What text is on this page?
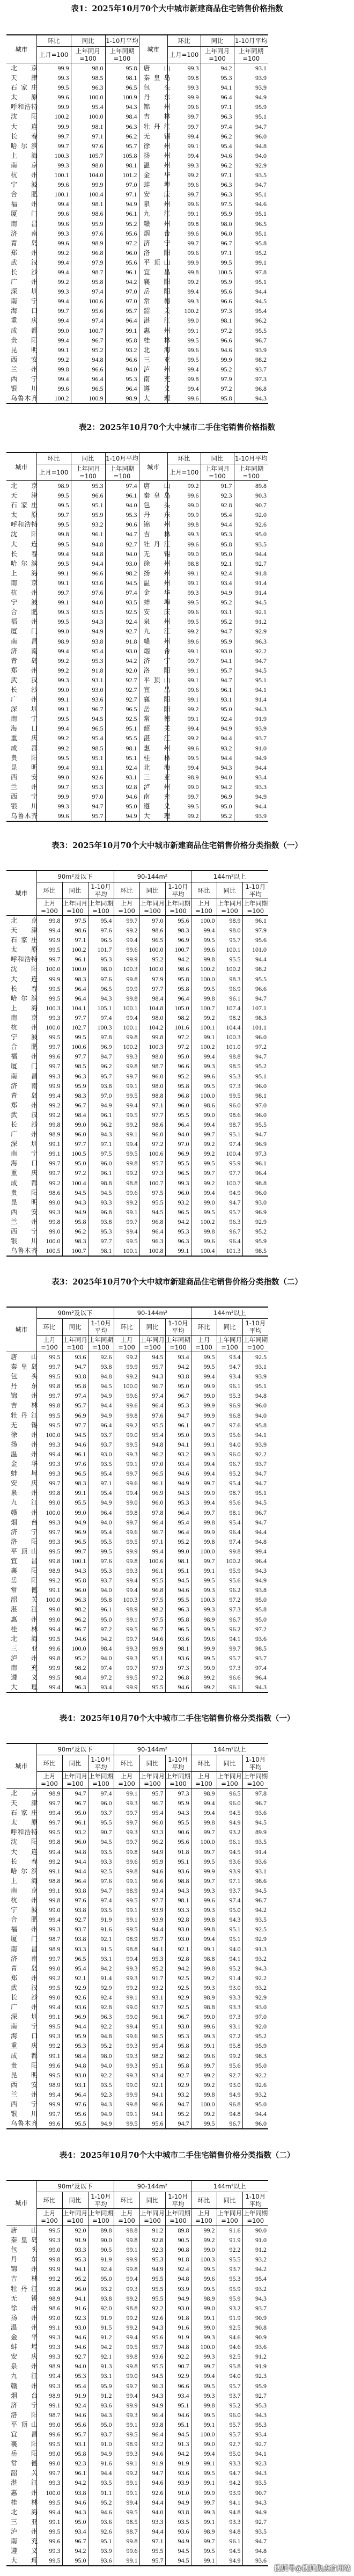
表1：2025年10月70个大中城市新建商品住宅销售价格指数
城市	环比	同比	1-10月平均	城市	环比	同比	1-10月平均
	上月=100	上年同月
=100	上年同期
=100		上月=100	上年同月
=100	上年同期
=100

北 京	99.9	98.0	95.8	唐 山	99.3	94.2	93.1

天 津	99.3	98.5	98.1	秦 皇 岛	99.8	95.3	93.9

石 家 庄	99.5	96.3	96.5	包 头	99.3	94.1	93.9

太 原	99.6	100.0	100.9	丹 东	99.9	96.4	94.9

呼 和 浩 特	99.9	95.4	94.3	锦 州	99.6	97.1	95.9

沈 阳	100.2	100.0	98.4	吉 林	99.7	96.3	95.1

大 连	99.9	98.1	96.3	牡 丹 江	99.7	97.4	94.7

长 春	99.7	97.1	96.2	无 锡	99.4	96.2	96.0

哈 尔 滨	99.7	97.6	95.7	徐 州	99.1	95.4	94.8

上 海	100.3	105.7	105.8	扬 州	99.4	94.6	94.0

南 京	99.3	98.0	98.1	温 州	99.3	96.2	92.9

杭 州	100.1	104.0	101.2	金 华	99.2	97.1	93.5

宁 波	99.6	99.9	97.0	蚌 埠	99.6	96.3	94.7

合 肥	100.1	100.4	97.1	安 庆	99.7	96.3	95.1

福 州	99.4	98.1	94.9	泉 州	99.6	97.5	94.6

厦 门	99.6	98.6	96.1	九 江	99.1	95.9	95.1

南 昌	99.6	95.9	95.2	赣 州	99.8	98.0	96.5

济 南	99.3	97.6	95.6	烟 台	99.6	96.0	95.1

青 岛	99.6	98.9	97.2	济 宁	99.7	96.7	95.8

郑 州	99.2	96.8	96.0	洛 阳	99.6	97.1	95.2

武 汉	99.4	97.9	95.6	平 顶 山	99.9	99.5	99.1

长 沙	99.4	98.7	96.1	宜 昌	99.8	100.5	97.8

广 州	99.2	95.8	94.2	襄 阳	99.2	95.9	95.1

深 圳	99.3	97.4	97.0	岳 阳	99.4	95.6	94.4

南 宁	99.4	100.6	97.0	常 德	99.3	96.6	94.5

海 口	99.7	95.6	95.7	韶 关	100.2	97.3	95.4

重 庆	99.4	97.4	96.4	湛 江	99.0	98.1	96.2

成 都	99.0	100.7	99.1	惠 州	99.1	97.2	95.5

贵 阳	99.4	96.7	95.8	桂 林	99.5	96.6	96.7

昆 明	99.1	95.2	93.2	北 海	99.6	94.6	93.9

西 安	99.2	94.8	96.6	三 亚	99.5	99.9	98.2

兰 州	99.8	96.6	94.0	泸 州	99.4	95.2	93.7

西 宁	99.4	96.4	95.3	南 充	99.8	97.9	97.3

银 川	99.6	96.5	96.4	遵 义	99.4	97.2	96.8

乌 鲁 木 齐	100.2	100.9	98.9	大 理	99.6	95.8	94.3
表2：2025年10月70个大中城市二手住宅销售价格指数
城市	环比	同比	1-10月平均	城市	环比	同比	1-10月平均
	上月=100	上年同月
=100	上年同期
=100		上月=100	上年同月
=100	上年同期
=100

北 京	98.9	95.3	97.4	唐 山	99.2	91.7	89.8

天 津	99.5	96.6	96.1	秦 皇 岛	99.6	92.3	90.3

石 家 庄	99.5	95.1	94.0	包 头	99.0	92.8	90.7

太 原	99.7	95.9	95.3	丹 东	99.9	95.4	92.0

呼 和 浩 特	99.5	93.2	90.6	锦 州	99.8	94.4	92.6

沈 阳	99.8	96.1	94.7	吉 林	99.3	95.3	95.0

大 连	99.5	94.8	92.7	牡 丹 江	99.6	95.8	93.5

长 春	99.4	94.8	94.0	无 锡	99.0	95.0	94.4

哈 尔 滨	99.5	94.4	93.0	徐 州	98.8	92.1	92.7

上 海	99.1	96.6	98.2	扬 州	99.1	92.4	91.8

南 京	99.1	93.6	94.5	温 州	99.1	93.4	91.4

杭 州	99.7	97.6	97.4	金 华	99.3	94.9	91.4

宁 波	99.1	94.0	93.5	蚌 埠	99.5	95.2	94.5

合 肥	99.3	93.5	92.5	安 庆	99.6	93.1	92.1

福 州	99.5	94.3	92.4	泉 州	99.5	95.2	91.2

厦 门	99.0	94.9	92.7	九 江	99.2	94.7	92.9

南 昌	98.9	93.8	91.8	赣 州	99.6	95.9	96.3

济 南	99.4	95.4	93.0	烟 台	99.1	93.0	92.2

青 岛	99.2	95.3	94.2	济 宁	99.7	94.1	94.7

郑 州	99.2	91.8	92.0	洛 阳	99.1	95.7	94.5

武 汉	99.3	93.1	92.7	平 顶 山	99.1	94.7	95.1

长 沙	99.0	93.0	92.7	宜 昌	99.6	96.1	94.1

广 州	99.1	93.6	92.7	襄 阳	99.1	93.1	91.4

深 圳	99.1	96.7	96.5	岳 阳	99.2	95.0	94.3

南 宁	99.5	94.5	92.5	常 德	99.1	92.4	91.9

海 口	99.4	96.5	95.1	韶 关	99.4	94.9	93.9

重 庆	99.2	95.4	95.5	湛 江	99.2	94.4	93.7

成 都	99.2	98.5	98.1	惠 州	99.6	93.2	91.0

贵 阳	99.5	95.1	95.1	桂 林	99.5	94.4	94.9

昆 明	99.4	93.1	92.4	北 海	99.4	94.3	94.4

西 安	99.0	92.6	93.1	三 亚	98.9	94.0	93.4

兰 州	99.7	95.3	92.8	泸 州	99.0	94.2	93.3

西 宁	99.9	97.0	94.6	南 充	99.7	96.9	94.9

银 川	99.3	94.7	95.0	遵 义	99.5	95.0	94.4

乌 鲁 木 齐	99.6	95.7	94.9	大 理	99.2	95.2	93.9
表3：2025年10月70个大中城市新建商品住宅销售价格分类指数（一）
城市	90m²及以下			90-144m²			144m²以上		
	环比	同比	1-10月
平均	环比	同比	1-10月
平均	环比	同比	1-10月
平均
	上月=100	上年同月
=100	上年同期
=100	上月=100	上年同月
=100	上年同期
=100	上月=100	上年同月
=100	上年同期
=100

北 京	99.8	97.5	95.4	99.7	97.0	95.6	100.0	98.9	96.1

天 津	99.4	98.6	97.6	99.2	98.6	98.3	99.4	98.0	97.9

石 家 庄	99.9	97.1	96.5	99.4	96.5	96.9	99.5	95.7	95.6

太 原	99.5	100.2	101.7	99.6	100.0	100.7	99.6	100.1	101.0

呼 和 浩 特	99.7	96.1	95.3	99.9	95.2	94.2	99.8	95.5	94.4

沈 阳	100.0	100.0	98.0	100.3	100.0	98.6	100.2	100.2	98.2

大 连	99.9	98.3	97.6	99.8	97.9	95.8	100.0	98.3	95.5

长 春	99.5	96.4	96.5	99.9	97.7	95.8	99.5	96.9	96.6

哈 尔 滨	99.5	96.4	94.3	99.8	98.4	96.4	99.8	96.1	94.7

上 海	100.3	104.1	105.1	100.1	104.8	105.0	100.7	107.4	107.1

南 京	99.3	97.7	97.4	99.4	98.0	98.2	99.2	98.2	98.3

杭 州	100.0	102.7	100.3	100.1	104.2	101.6	100.1	104.4	101.1

宁 波	99.5	99.5	97.8	99.8	99.8	97.2	99.1	100.3	96.0

合 肥	99.7	100.6	96.9	100.2	100.3	97.2	100.2	101.0	97.2

福 州	99.6	97.7	94.7	99.3	98.0	95.0	99.4	98.8	94.7

厦 门	99.7	98.5	96.2	99.8	98.7	96.6	99.3	98.5	95.2

南 昌	99.3	96.3	95.7	99.7	96.0	95.2	99.6	95.3	95.1

济 南	99.9	95.9	93.8	99.1	98.0	95.8	99.5	97.3	96.0

青 岛	99.4	98.3	97.0	99.5	98.8	96.8	100.0	99.5	98.1

郑 州	99.2	96.7	94.9	99.4	97.1	96.0	98.6	96.0	97.0

武 汉	99.2	98.4	96.1	99.5	97.7	95.5	99.0	98.6	96.0

长 沙	99.8	99.0	96.2	99.2	98.6	96.4	99.4	98.7	95.5

广 州	98.9	96.0	94.3	99.1	96.0	94.0	99.7	95.1	94.7

深 圳	99.1	97.7	97.1	99.4	97.2	97.0	99.2	97.4	96.9

南 宁	99.1	100.5	97.5	99.5	100.6	96.9	99.2	100.4	97.3

海 口	99.7	95.0	96.0	99.8	95.7	95.5	99.5	95.9	96.1

重 庆	99.7	97.2	96.1	99.2	97.3	96.5	99.7	97.7	96.4

成 都	99.2	100.4	98.8	98.8	100.7	99.3	99.2	100.7	98.8

贵 阳	98.6	94.5	94.5	99.6	97.5	96.0	99.4	94.9	96.0

昆 明	99.0	94.3	93.3	99.2	95.5	93.2	99.0	94.7	93.0

西 安	99.3	94.9	96.8	99.1	94.5	96.5	99.5	95.7	96.9

兰 州	99.8	95.8	93.8	99.7	96.8	94.2	100.2	96.3	92.9

西 宁	99.0	96.2	95.3	99.4	96.4	95.3	99.8	96.7	95.2

银 川	100.0	98.3	97.7	99.5	96.3	96.3	99.6	96.4	95.9

乌 鲁 木 齐	100.5	100.7	98.1	100.1	100.8	99.1	100.4	101.3	98.5
表3：2025年10月70个大中城市新建商品住宅销售价格分类指数（二）
城市	90m²及以下			90-144m²			144m²以上		
	环比	同比	1-10月
平均	环比	同比	1-10月
平均	环比	同比	1-10月
平均
	上月=100	上年同月
=100	上年同期
=100	上月=100	上年同月
=100	上年同期
=100	上月=100	上年同月
=100	上年同期
=100

唐 山	99.5	93.6	92.6	99.2	94.5	93.4	99.5	93.4	92.5

秦 皇 岛	99.7	94.7	93.8	99.9	95.7	94.2	99.5	94.7	93.1

包 头	99.5	93.8	94.8	99.2	94.3	93.8	99.4	93.4	93.9

丹 东	99.8	95.8	94.5	100.0	96.7	95.0	99.9	96.1	95.1

锦 州	99.7	97.4	94.9	99.6	97.4	96.7	99.0	95.3	94.8

吉 林	99.8	95.7	94.4	99.6	96.4	95.3	99.9	96.9	96.0

牡 丹 江	99.5	96.9	94.9	99.8	97.6	94.7	99.9	96.8	94.0

无 锡	99.5	97.7	96.4	99.2	95.5	96.1	99.7	97.6	95.8

徐 州	100.0	94.5	93.7	99.0	95.4	95.0	99.3	95.6	94.1

扬 州	99.3	94.6	93.7	99.5	94.8	94.1	99.1	94.0	93.9

温 州	99.4	96.1	93.0	99.3	96.2	93.2	99.3	96.0	92.2

金 华	99.3	97.6	93.5	99.1	97.0	93.4	99.4	96.7	93.7

蚌 埠	99.3	96.5	95.4	99.7	96.5	94.6	99.4	95.2	94.7

安 庆	99.7	98.3	97.1	99.6	96.1	94.9	99.7	95.4	94.7

泉 州	99.8	99.1	95.4	99.4	96.9	94.3	99.9	98.7	95.1

九 江	99.0	95.5	94.9	99.0	96.0	95.3	99.4	95.6	94.5

赣 州	100.0	99.0	96.4	99.8	97.8	96.4	99.7	98.1	96.7

烟 台	99.3	94.9	94.0	99.7	96.4	95.4	99.8	95.4	94.7

济 宁	99.7	96.9	95.4	99.6	96.7	96.4	99.9	96.4	94.4

洛 阳	99.3	96.5	95.5	99.5	97.1	95.2	99.8	97.4	94.8

平 顶 山	99.5	99.7	99.5	99.9	99.4	99.0	100.0	99.8	99.4

宜 昌	99.8	100.1	97.6	99.8	100.6	98.1	99.7	100.2	96.4

襄 阳	98.9	94.3	95.3	99.3	96.1	95.1	99.1	95.9	94.3

岳 阳	99.2	95.8	93.7	99.4	95.5	94.5	99.5	95.6	94.9

常 德	99.1	96.0	94.0	99.4	96.8	94.6	99.3	96.2	93.8

韶 关	100.0	96.3	95.8	100.3	97.5	95.5	100.3	97.2	95.0

湛 江	99.0	98.2	96.1	98.9	98.2	96.3	99.3	97.3	95.8

惠 州	99.0	96.2	95.0	99.1	97.5	95.8	98.9	96.7	95.0

桂 林	99.4	96.7	97.2	99.5	96.7	96.5	99.5	96.2	97.2

北 海	99.5	94.6	94.2	99.7	94.6	93.6	99.6	94.1	93.6

三 亚	99.6	100.0	98.4	99.3	99.9	98.1	99.9	99.7	98.5

泸 州	99.8	95.2	94.0	99.3	95.1	93.6	99.5	95.7	93.7

南 充	99.9	98.2	97.4	99.7	97.9	97.3	99.9	97.3	97.4

遵 义	99.5	98.4	97.2	99.5	97.2	96.8	99.2	96.6	96.4

大 理	99.4	96.3	93.4	99.9	95.5	94.6	99.2	96.1	94.3
表4：2025年10月70个大中城市二手住宅销售价格分类指数（一）
城市	90m²及以下			90-144m²			144m²以上		
	环比	同比	1-10月
平均	环比	同比	1-10月
平均	环比	同比	1-10月
平均
	上月=100	上年同月
=100	上年同期
=100	上月=100	上年同月
=100	上年同期
=100	上月=100	上年同月
=100	上年同期
=100

北 京	98.9	94.7	97.4	99.1	95.7	97.3	98.9	96.5	97.8

天 津	99.7	96.7	96.0	99.3	96.7	95.9	99.4	96.0	96.7

石 家 庄	99.4	95.0	93.7	99.7	95.4	94.3	99.4	94.5	93.6

太 原	99.7	96.1	95.5	99.7	96.0	95.5	99.8	94.9	94.5

呼 和 浩 特	99.5	93.2	90.7	99.3	93.3	90.6	99.7	93.2	89.9

沈 阳	99.8	96.0	94.5	99.7	96.2	95.6	100.0	96.1	93.5

大 连	99.4	94.8	93.5	99.8	94.9	91.8	99.7	94.5	91.4

长 春	99.2	94.4	93.3	99.6	95.9	95.1	99.5	93.6	93.6

哈 尔 滨	99.1	94.4	92.5	99.8	94.6	93.6	99.9	93.9	93.1

上 海	98.8	96.4	97.6	99.1	96.6	98.8	99.7	97.1	98.6

南 京	99.1	93.8	94.7	98.9	93.4	94.3	99.3	93.7	94.5

杭 州	99.8	97.6	97.4	99.5	97.7	98.1	99.6	97.4	96.7

宁 波	99.0	93.8	93.5	99.1	93.9	93.3	99.3	95.0	94.2

合 肥	99.4	92.7	91.9	99.1	93.9	92.8	99.8	94.3	93.5

福 州	99.3	93.7	91.6	99.5	94.4	93.0	99.8	95.1	92.5

厦 门	98.7	93.8	92.1	98.9	95.7	93.0	99.4	95.1	92.9

南 昌	98.9	93.3	91.5	98.8	94.1	92.1	99.1	94.0	91.3

济 南	99.7	96.5	93.1	99.4	95.3	92.8	98.8	94.1	93.2

青 岛	99.0	95.4	94.2	99.3	95.2	94.2	99.8	95.2	94.3

郑 州	99.2	92.1	91.4	99.3	91.7	92.5	99.2	91.4	92.2

武 汉	99.5	92.9	92.9	99.2	93.2	92.5	99.3	93.0	93.2

长 沙	99.0	92.6	92.4	99.1	93.1	92.9	98.9	93.3	92.9

广 州	99.4	93.6	92.8	99.0	93.7	92.5	98.8	93.3	93.0

深 圳	99.1	96.9	96.3	99.0	96.1	96.7	99.0	97.3	97.0

南 宁	99.5	94.4	92.2	99.4	95.1	93.0	99.6	93.1	92.0

海 口	99.3	95.9	94.8	99.6	96.5	95.3	99.3	97.2	95.2

重 庆	99.2	95.3	95.2	99.3	95.4	95.8	99.1	95.8	95.9

成 都	99.1	98.4	98.0	99.3	98.2	98.2	99.6	99.2	98.3

贵 阳	99.6	94.8	94.0	99.3	95.1	95.8	99.7	95.6	95.0

昆 明	99.5	93.0	92.2	99.3	93.4	92.7	99.2	92.7	92.2

西 安	98.9	93.1	93.5	99.0	92.1	92.9	99.2	93.0	92.6

兰 州	99.4	96.4	92.3	99.9	94.1	93.2	99.8	94.9	93.2

西 宁	99.9	97.6	94.3	99.8	96.6	94.7	100.0	96.8	95.0

银 川	99.7	95.6	94.9	99.1	94.1	95.2	99.2	94.8	94.4

乌 鲁 木 齐	99.6	95.5	94.9	99.5	95.6	94.7	99.5	96.7	96.0
表4：2025年10月70个大中城市二手住宅销售价格分类指数（二）
城市	90m²及以下			90-144m²			144m²以上		
	环比	同比	1-10月
平均	环比	同比	1-10月
平均	环比	同比	1-10月
平均
	上月=100	上年同月
=100	上年同期
=100	上月=100	上年同月
=100	上年同期
=100	上月=100	上年同月
=100	上年同期
=100

唐 山	99.5	92.0	89.8	98.8	91.2	89.8	99.2	91.6	90.0

秦 皇 岛	99.3	91.9	90.0	99.8	92.8	90.5	99.2	91.9	91.0

包 头	99.0	93.3	90.5	99.1	92.3	90.8	99.0	92.2	91.2

丹 东	99.8	95.3	91.9	99.9	95.3	91.8	100.3	95.5	93.2

锦 州	99.9	94.1	92.4	99.8	94.9	92.4	99.5	93.7	94.2

吉 林	99.2	95.2	95.0	99.4	95.5	94.8	99.6	95.3	95.4

牡 丹 江	99.8	96.0	93.2	99.3	95.5	93.9	99.5	95.9	93.2

无 锡	98.9	94.1	93.8	99.2	95.5	94.9	98.9	95.9	94.3

徐 州	98.6	91.6	92.0	98.8	92.2	93.0	99.0	93.2	93.7

扬 州	99.0	92.3	91.9	99.2	92.6	91.8	99.1	91.9	90.9

温 州	99.1	93.0	91.5	99.2	94.3	91.6	99.0	92.5	90.8

金 华	99.3	94.6	91.2	99.4	95.6	91.9	99.3	94.6	90.9

蚌 埠	99.3	94.6	94.2	99.5	95.7	94.8	100.0	94.6	93.6

安 庆	99.3	92.7	92.1	99.8	93.6	92.2	99.3	92.5	91.2

泉 州	98.9	94.0	91.3	99.8	95.5	90.7	99.7	95.8	91.9

九 江	99.4	95.3	93.1	99.0	94.5	92.9	99.4	94.0	92.3

赣 州	99.3	95.4	95.9	99.7	96.3	96.6	99.5	95.7	95.9

烟 台	98.9	91.9	91.2	99.4	94.3	93.4	99.3	93.7	92.7

济 宁	99.1	92.4	93.6	99.9	94.9	95.1	99.8	95.2	95.3

洛 阳	98.7	94.6	94.3	99.3	96.4	94.6	99.5	96.0	94.3

平 顶 山	99.0	95.6	95.0	99.1	93.8	95.1	99.1	95.7	95.3

宜 昌	99.6	95.7	93.7	99.5	96.4	94.5	100.0	95.7	93.4

襄 阳	99.5	93.1	91.0	98.9	93.2	91.3	99.0	92.7	92.7

岳 阳	99.0	95.8	94.9	99.3	94.6	94.2	99.4	95.0	94.1

常 德	99.0	92.3	91.6	99.1	91.9	91.9	99.1	93.3	92.3

韶 关	99.7	96.1	94.4	99.2	94.7	93.6	99.5	94.7	94.3

湛 江	99.3	94.2	93.5	99.1	94.6	93.9	99.1	94.2	93.5

惠 州	100.0	93.8	91.1	99.1	92.6	91.0	99.9	93.9	90.7

桂 林	99.5	94.6	95.2	99.4	94.4	94.9	99.7	94.1	94.3

北 海	99.4	94.3	94.6	99.5	94.0	93.8	99.3	94.8	94.9

三 亚	99.1	95.0	93.6	98.5	93.3	93.5	99.1	93.3	92.7

泸 州	99.5	93.4	92.6	98.7	94.4	93.6	98.9	94.8	93.5

南 充	99.6	96.7	95.1	99.8	97.1	94.9	99.7	96.1	94.7

遵 义	99.3	94.2	93.9	99.6	95.5	94.5	99.5	94.5	94.8

大 理	99.5	95.0	93.6	99.1	95.7	94.5	99.1	94.9	93.6
搜狐号@搜狐焦点宿州站
